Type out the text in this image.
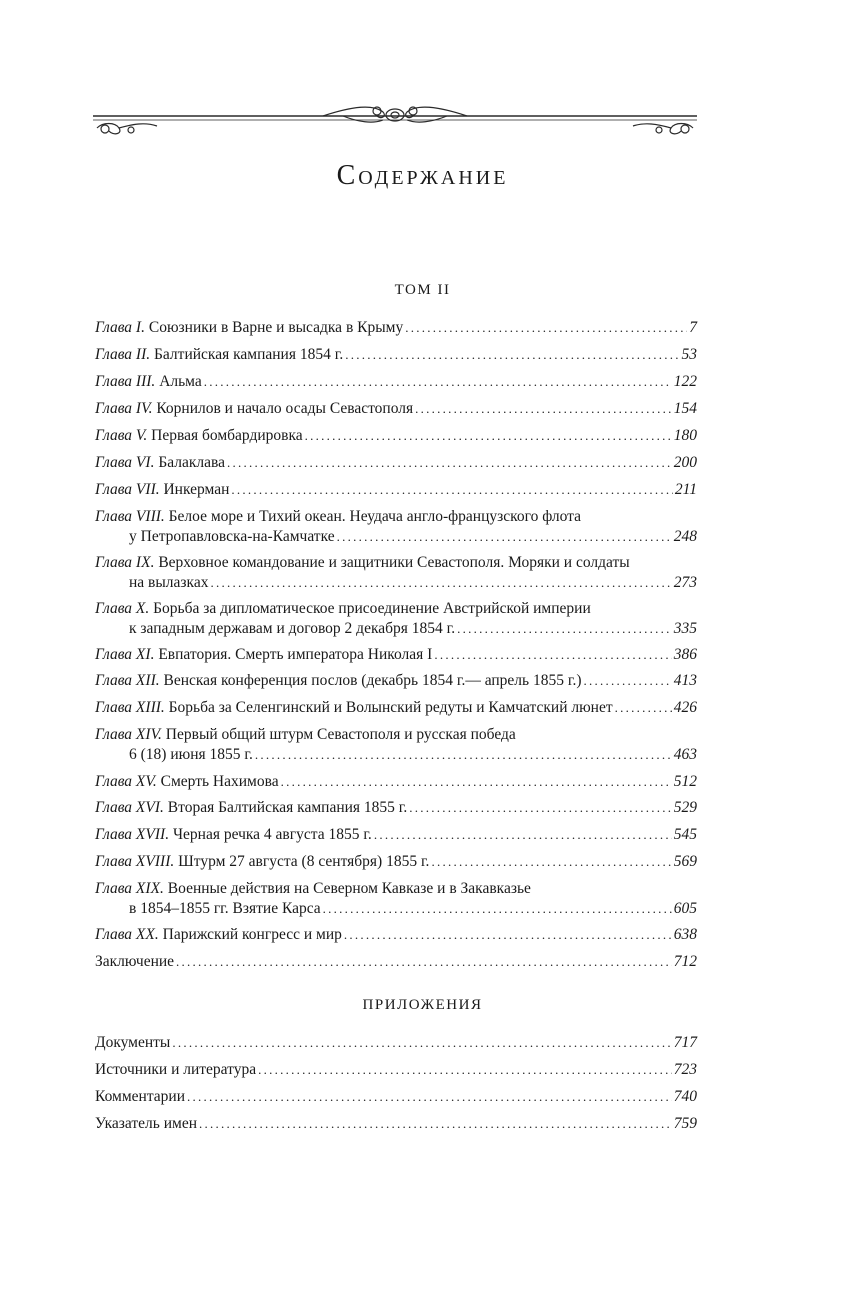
Содержание
ТОМ II
Глава I. Союзники в Варне и высадка в Крыму . . .	7
Глава II. Балтийская кампания 1854 г. . . .	53
Глава III. Альма . . .	122
Глава IV. Корнилов и начало осады Севастополя . . .	154
Глава V. Первая бомбардировка . . .	180
Глава VI. Балаклава . . .	200
Глава VII. Инкерман . . .	211
Глава VIII. Белое море и Тихий океан. Неудача англо-французского флота
у Петропавловска-на-Камчатке . . .	248
Глава IX. Верховное командование и защитники Севастополя. Моряки и солдаты
на вылазках . . .	273
Глава X. Борьба за дипломатическое присоединение Австрийской империи
к западным державам и договор 2 декабря 1854 г. . . .	335
Глава XI. Евпатория. Смерть императора Николая I . . .	386
Глава XII. Венская конференция послов (декабрь 1854 г.— апрель 1855 г.) . . .	413
Глава XIII. Борьба за Селенгинский и Волынский редуты и Камчатский люнет . . .	426
Глава XIV. Первый общий штурм Севастополя и русская победа
6 (18) июня 1855 г. . . .	463
Глава XV. Смерть Нахимова . . .	512
Глава XVI. Вторая Балтийская кампания 1855 г. . . .	529
Глава XVII. Черная речка 4 августа 1855 г. . . .	545
Глава XVIII. Штурм 27 августа (8 сентября) 1855 г. . . .	569
Глава XIX. Военные действия на Северном Кавказе и в Закавказье
в 1854–1855 гг. Взятие Карса . . .	605
Глава XX. Парижский конгресс и мир . . .	638
Заключение . . .	712
ПРИЛОЖЕНИЯ
Документы . . .	717
Источники и литература . . .	723
Комментарии . . .	740
Указатель имен . . .	759
